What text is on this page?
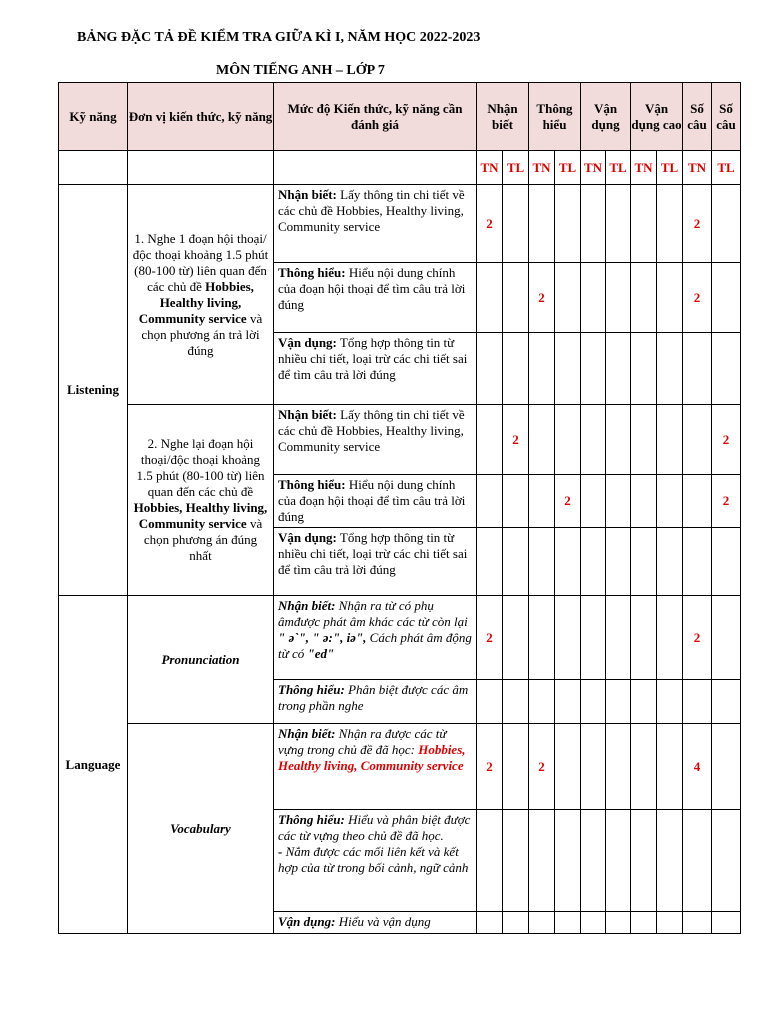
BẢNG ĐẶC TẢ ĐỀ KIỂM TRA GIỮA KÌ I, NĂM HỌC 2022-2023
MÔN TIẾNG ANH – LỚP 7
Kỹ năng	Đơn vị kiến thức, kỹ năng	Mức độ Kiến thức, kỹ năng cần đánh giá	Nhận biết		Thông hiểu		Vận dụng		Vận dụng cao		Số câu	Số câu
			TN	TL	TN	TL	TN	TL	TN	TL	TN	TL
Listening	1. Nghe 1 đoạn hội thoại/độc thoại khoảng 1.5 phút (80-100 từ) liên quan đến các chủ đề Hobbies, Healthy living, Community service và chọn phương án trả lời đúng	Nhận biết: Lấy thông tin chi tiết về các chủ đề Hobbies, Healthy living, Community service	2								2	
		Thông hiểu: Hiểu nội dung chính của đoạn hội thoại để tìm câu trả lời đúng			2						2	
		Vận dụng: Tổng hợp thông tin từ nhiều chi tiết, loại trừ các chi tiết sai để tìm câu trả lời đúng										
	2. Nghe lại đoạn hội thoại/độc thoại khoảng 1.5 phút (80-100 từ) liên quan đến các chủ đề Hobbies, Healthy living, Community service và chọn phương án đúng nhất	Nhận biết: Lấy thông tin chi tiết về các chủ đề Hobbies, Healthy living, Community service		2								2
		Thông hiểu: Hiểu nội dung chính của đoạn hội thoại để tìm câu trả lời đúng				2						2
		Vận dụng: Tổng hợp thông tin từ nhiều chi tiết, loại trừ các chi tiết sai để tìm câu trả lời đúng										
Language	Pronunciation	Nhận biết: Nhận ra từ có phụ âmđược phát âm khác các từ còn lại " ə`", " ə:", iə", Cách phát âm động từ có "ed"	2								2	
		Thông hiểu: Phân biệt được các âm trong phần nghe										
	Vocabulary	Nhận biết: Nhận ra được các từ vựng trong chủ đề đã học: Hobbies, Healthy living, Community service	2		2						4	
		Thông hiểu: Hiểu và phân biệt được các từ vựng theo chủ đề đã học.
- Nắm được các mối liên kết và kết hợp của từ trong bối cảnh, ngữ cảnh										
		Vận dụng: Hiểu và vận dụng										
